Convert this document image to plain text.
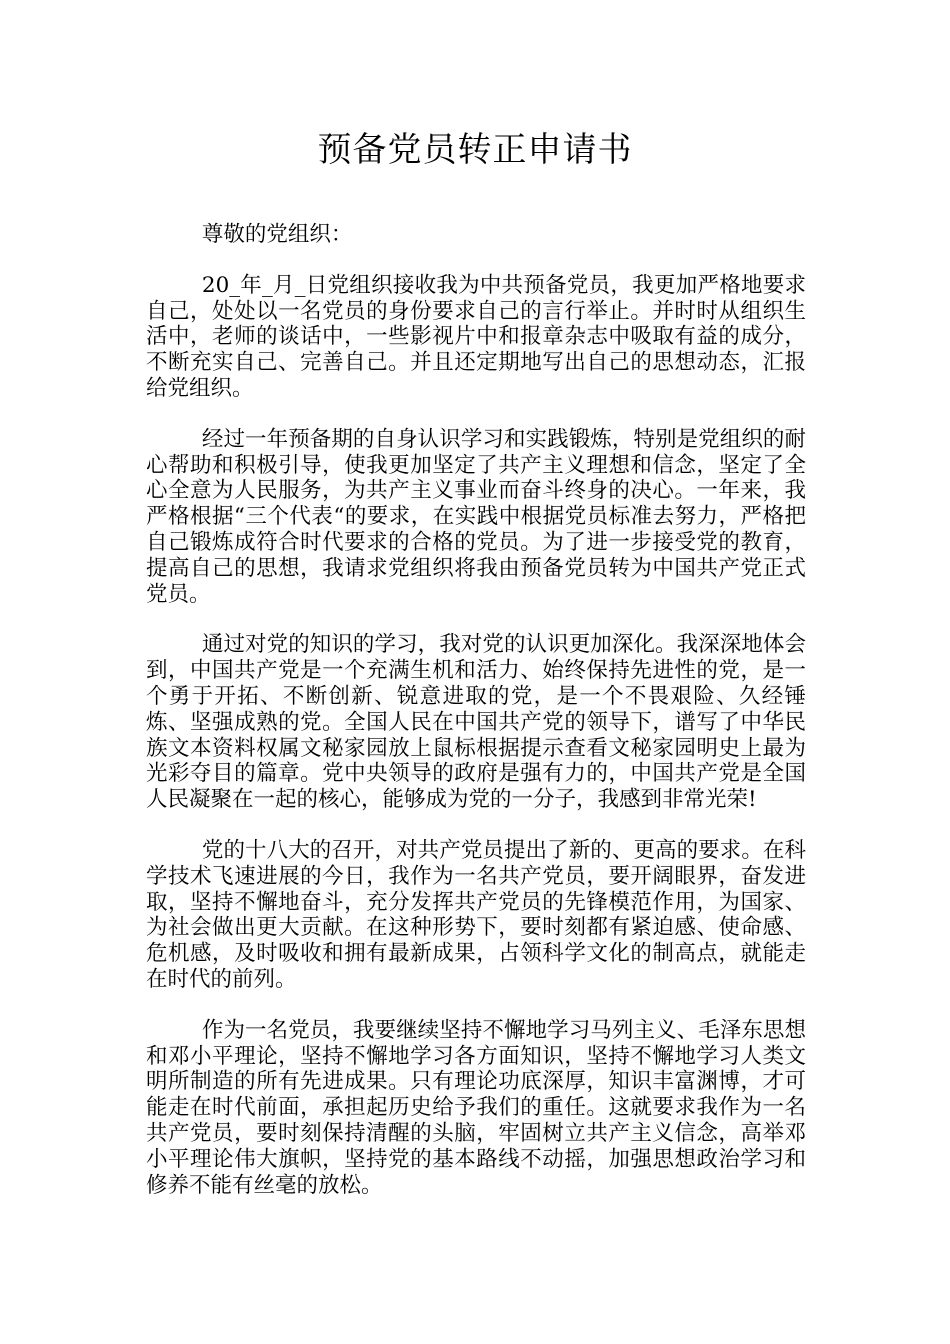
预备党员转正申请书

尊敬的党组织：

20_年_月_日党组织接收我为中共预备党员，我更加严格地要求自己，处处以一名党员的身份要求自己的言行举止。并时时从组织生活中，老师的谈话中，一些影视片中和报章杂志中吸取有益的成分，不断充实自己、完善自己。并且还定期地写出自己的思想动态，汇报给党组织。

经过一年预备期的自身认识学习和实践锻炼，特别是党组织的耐心帮助和积极引导，使我更加坚定了共产主义理想和信念，坚定了全心全意为人民服务，为共产主义事业而奋斗终身的决心。一年来，我严格根据“三个代表“的要求，在实践中根据党员标准去努力，严格把自己锻炼成符合时代要求的合格的党员。为了进一步接受党的教育，提高自己的思想，我请求党组织将我由预备党员转为中国共产党正式党员。

通过对党的知识的学习，我对党的认识更加深化。我深深地体会到，中国共产党是一个充满生机和活力、始终保持先进性的党，是一个勇于开拓、不断创新、锐意进取的党，是一个不畏艰险、久经锤炼、坚强成熟的党。全国人民在中国共产党的领导下，谱写了中华民族文本资料权属文秘家园放上鼠标根据提示查看文秘家园明史上最为光彩夺目的篇章。党中央领导的政府是强有力的，中国共产党是全国人民凝聚在一起的核心，能够成为党的一分子，我感到非常光荣!

党的十八大的召开，对共产党员提出了新的、更高的要求。在科学技术飞速进展的今日，我作为一名共产党员，要开阔眼界，奋发进取，坚持不懈地奋斗，充分发挥共产党员的先锋模范作用，为国家、为社会做出更大贡献。在这种形势下，要时刻都有紧迫感、使命感、危机感，及时吸收和拥有最新成果，占领科学文化的制高点，就能走在时代的前列。

作为一名党员，我要继续坚持不懈地学习马列主义、毛泽东思想和邓小平理论，坚持不懈地学习各方面知识，坚持不懈地学习人类文明所制造的所有先进成果。只有理论功底深厚，知识丰富渊博，才可能走在时代前面，承担起历史给予我们的重任。这就要求我作为一名共产党员，要时刻保持清醒的头脑，牢固树立共产主义信念，高举邓小平理论伟大旗帜，坚持党的基本路线不动摇，加强思想政治学习和修养不能有丝毫的放松。
